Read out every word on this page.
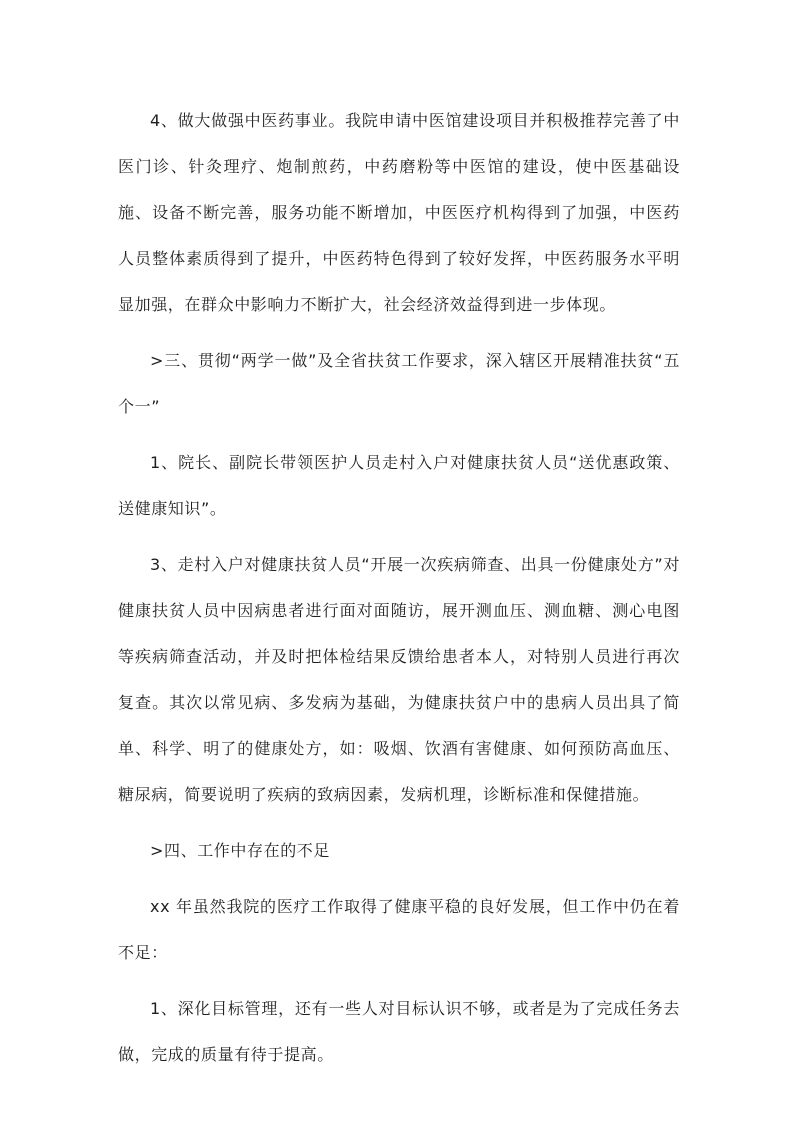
4、做大做强中医药事业。我院申请中医馆建设项目并积极推荐完善了中医门诊、针灸理疗、炮制煎药，中药磨粉等中医馆的建设，使中医基础设施、设备不断完善，服务功能不断增加，中医医疗机构得到了加强，中医药人员整体素质得到了提升，中医药特色得到了较好发挥，中医药服务水平明显加强，在群众中影响力不断扩大，社会经济效益得到进一步体现。

>三、贯彻“两学一做”及全省扶贫工作要求，深入辖区开展精准扶贫“五个一”

1、院长、副院长带领医护人员走村入户对健康扶贫人员“送优惠政策、送健康知识”。

3、走村入户对健康扶贫人员“开展一次疾病筛查、出具一份健康处方”对健康扶贫人员中因病患者进行面对面随访，展开测血压、测血糖、测心电图等疾病筛查活动，并及时把体检结果反馈给患者本人，对特别人员进行再次复查。其次以常见病、多发病为基础，为健康扶贫户中的患病人员出具了简单、科学、明了的健康处方，如：吸烟、饮酒有害健康、如何预防高血压、糖尿病，简要说明了疾病的致病因素，发病机理，诊断标准和保健措施。

>四、工作中存在的不足

xx 年虽然我院的医疗工作取得了健康平稳的良好发展，但工作中仍在着不足：

1、深化目标管理，还有一些人对目标认识不够，或者是为了完成任务去做，完成的质量有待于提高。
